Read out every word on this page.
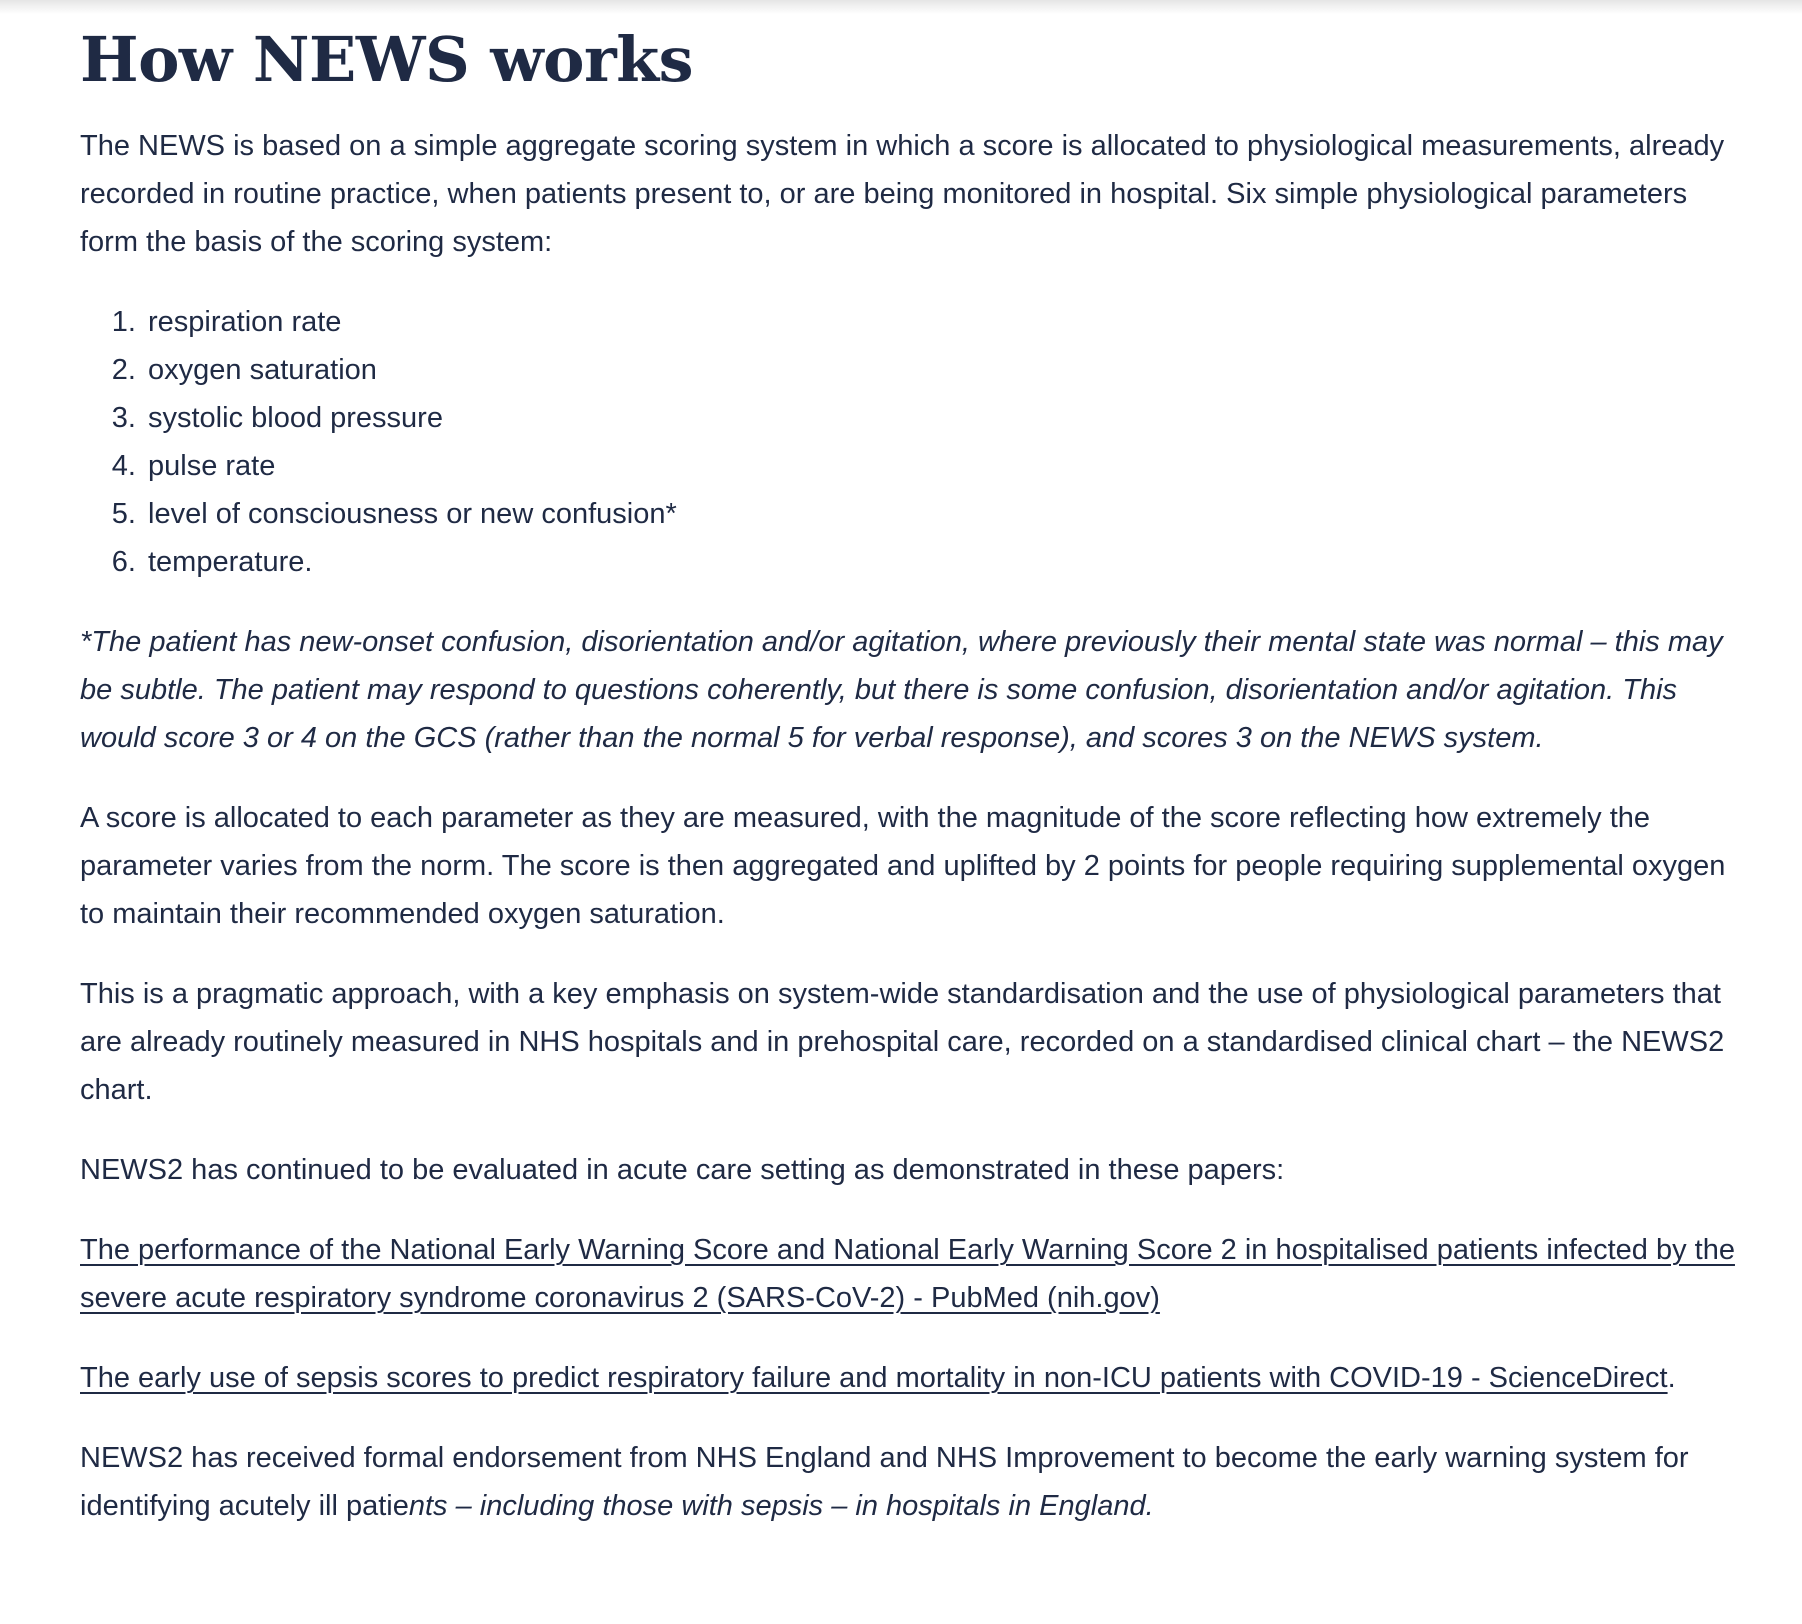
How NEWS works

The NEWS is based on a simple aggregate scoring system in which a score is allocated to physiological measurements, already recorded in routine practice, when patients present to, or are being monitored in hospital. Six simple physiological parameters form the basis of the scoring system:

1. respiration rate
2. oxygen saturation
3. systolic blood pressure
4. pulse rate
5. level of consciousness or new confusion*
6. temperature.

*The patient has new-onset confusion, disorientation and/or agitation, where previously their mental state was normal – this may be subtle. The patient may respond to questions coherently, but there is some confusion, disorientation and/or agitation. This would score 3 or 4 on the GCS (rather than the normal 5 for verbal response), and scores 3 on the NEWS system.

A score is allocated to each parameter as they are measured, with the magnitude of the score reflecting how extremely the parameter varies from the norm. The score is then aggregated and uplifted by 2 points for people requiring supplemental oxygen to maintain their recommended oxygen saturation.

This is a pragmatic approach, with a key emphasis on system-wide standardisation and the use of physiological parameters that are already routinely measured in NHS hospitals and in prehospital care, recorded on a standardised clinical chart – the NEWS2 chart.

NEWS2 has continued to be evaluated in acute care setting as demonstrated in these papers:

The performance of the National Early Warning Score and National Early Warning Score 2 in hospitalised patients infected by the severe acute respiratory syndrome coronavirus 2 (SARS-CoV-2) - PubMed (nih.gov)

The early use of sepsis scores to predict respiratory failure and mortality in non-ICU patients with COVID-19 - ScienceDirect.

NEWS2 has received formal endorsement from NHS England and NHS Improvement to become the early warning system for identifying acutely ill patients – including those with sepsis – in hospitals in England.
